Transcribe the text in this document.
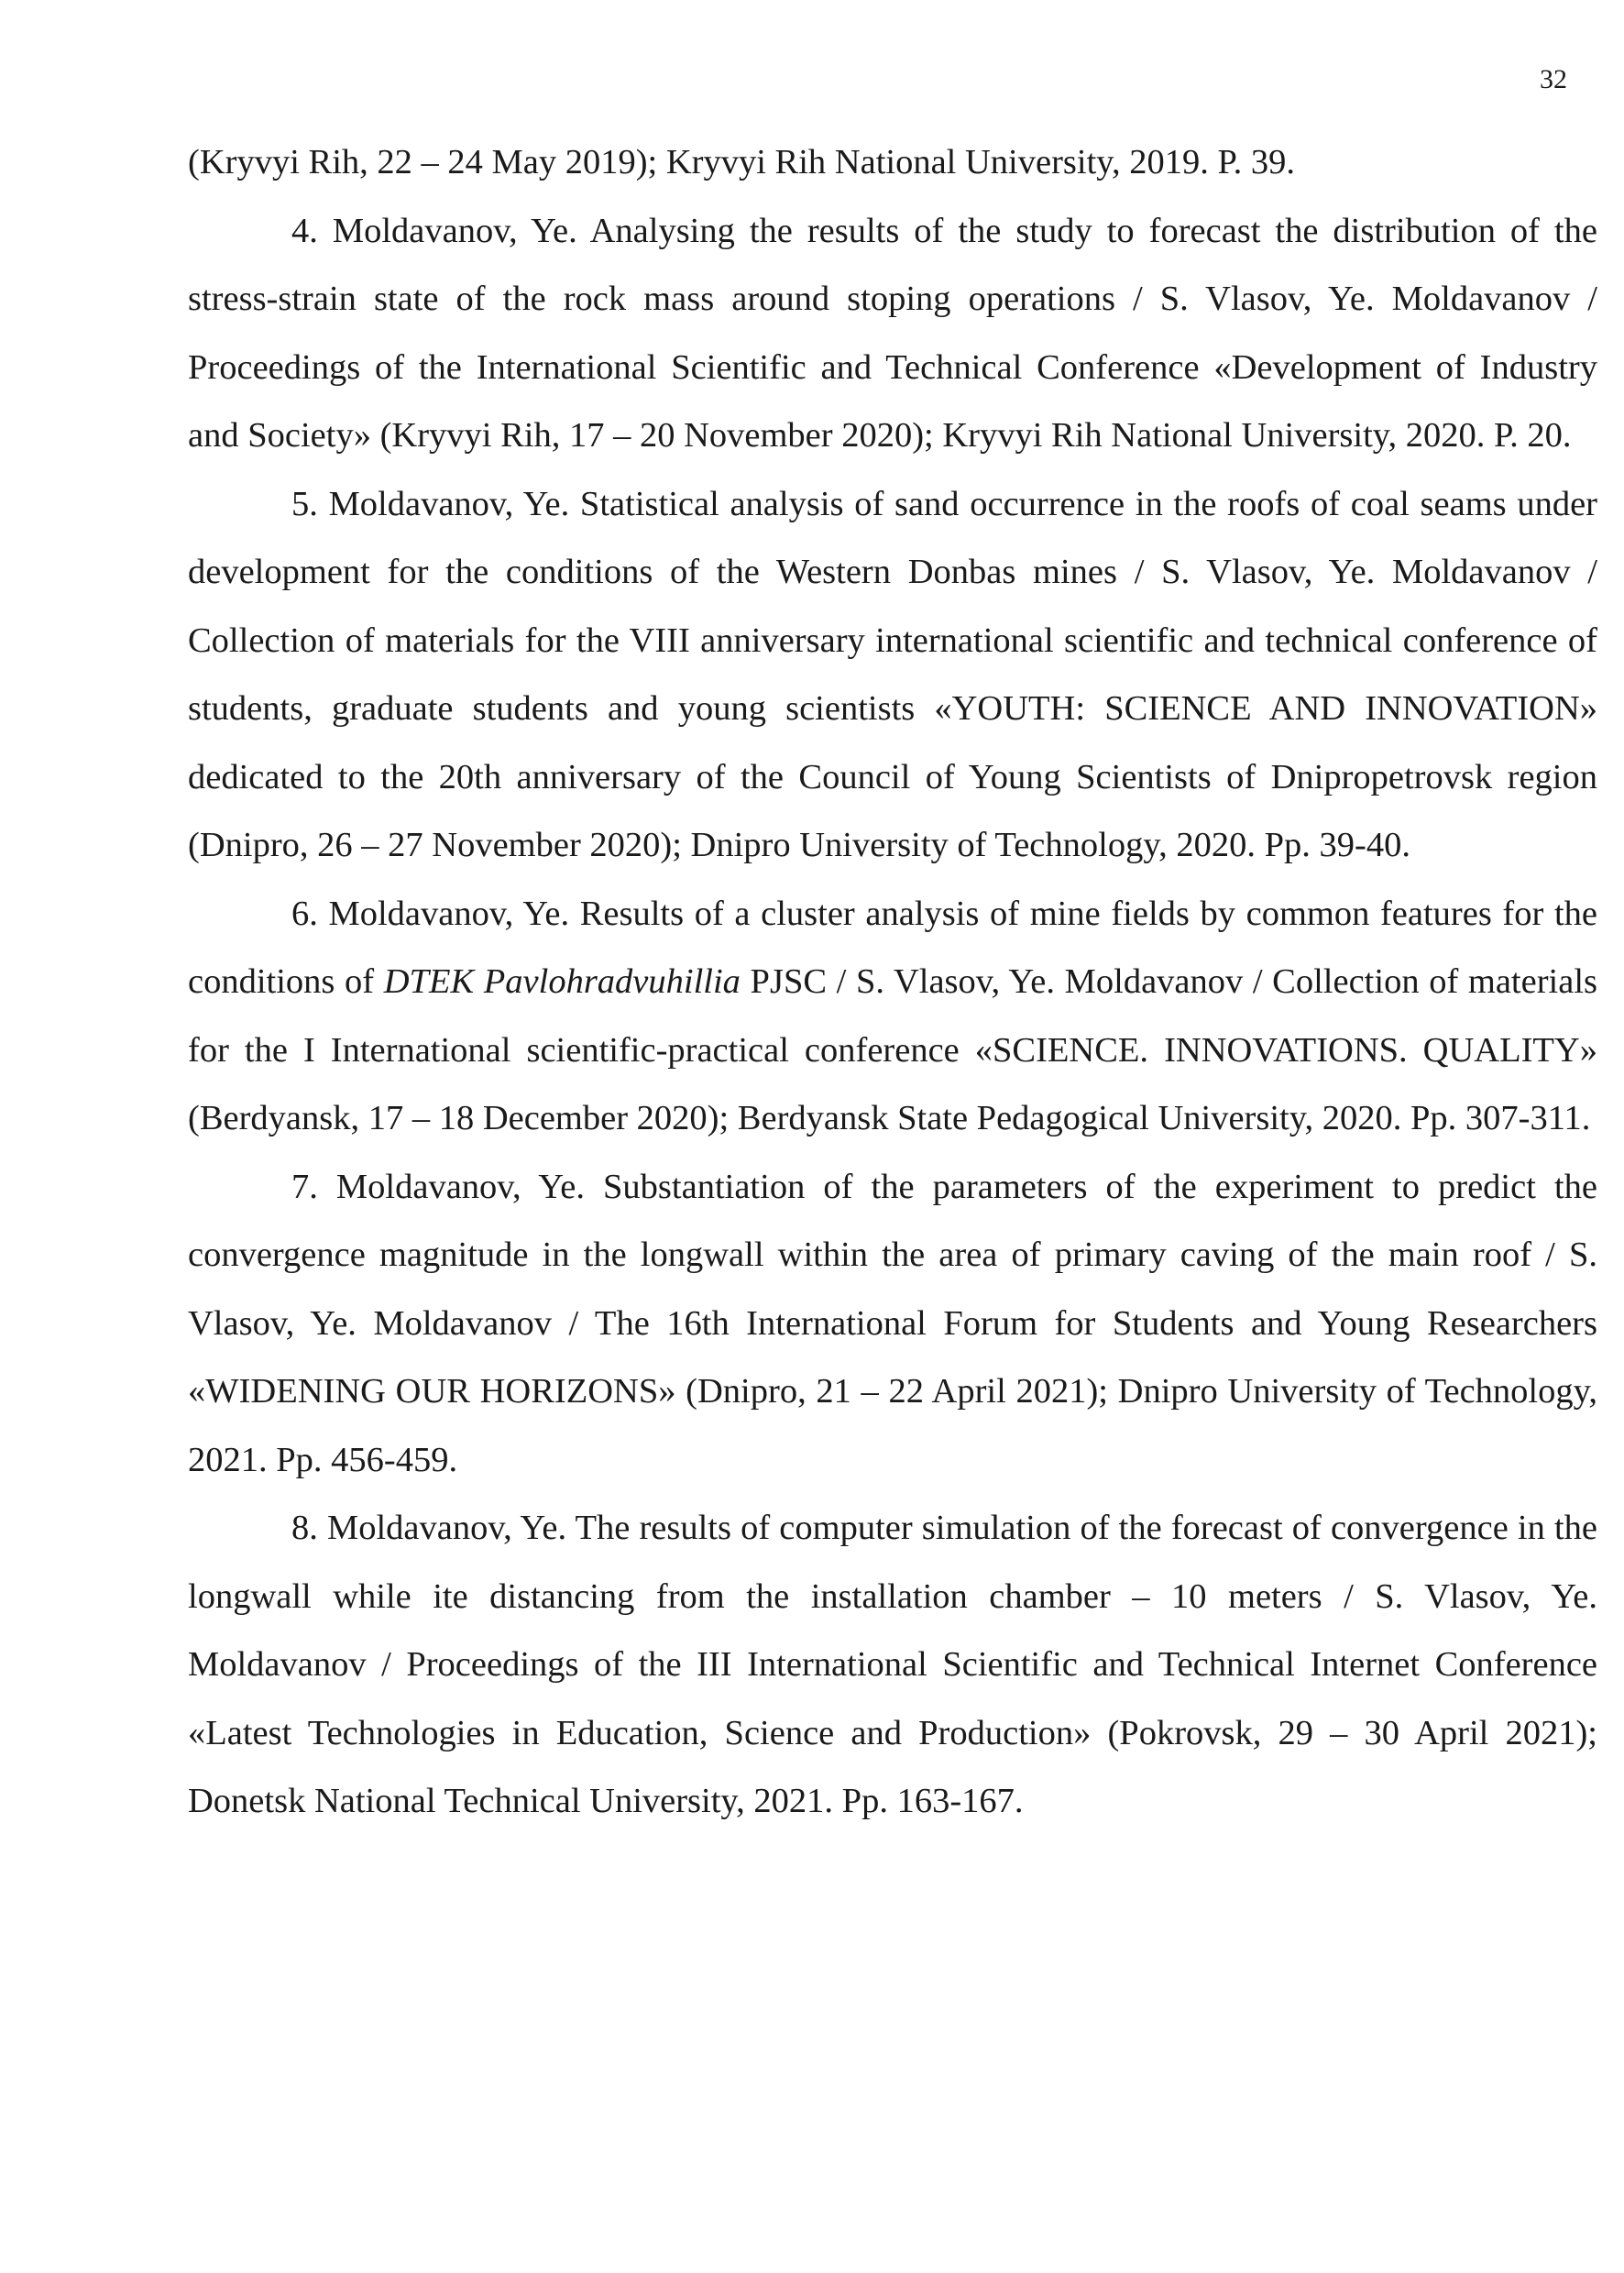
32

(Kryvyi Rih, 22 – 24 May 2019); Kryvyi Rih National University, 2019. P. 39.

4. Moldavanov, Ye. Analysing the results of the study to forecast the distribution of the stress-strain state of the rock mass around stoping operations / S. Vlasov, Ye. Moldavanov / Proceedings of the International Scientific and Technical Conference «Development of Industry and Society» (Kryvyi Rih, 17 – 20 November 2020); Kryvyi Rih National University, 2020. P. 20.

5. Moldavanov, Ye. Statistical analysis of sand occurrence in the roofs of coal seams under development for the conditions of the Western Donbas mines / S. Vlasov, Ye. Moldavanov / Collection of materials for the VIII anniversary international scientific and technical conference of students, graduate students and young scientists «YOUTH: SCIENCE AND INNOVATION» dedicated to the 20th anniversary of the Council of Young Scientists of Dnipropetrovsk region (Dnipro, 26 – 27 November 2020); Dnipro University of Technology, 2020. Pp. 39-40.

6. Moldavanov, Ye. Results of a cluster analysis of mine fields by common features for the conditions of DTEK Pavlohradvuhillia PJSC / S. Vlasov, Ye. Moldavanov / Collection of materials for the I International scientific-practical conference «SCIENCE. INNOVATIONS. QUALITY» (Berdyansk, 17 – 18 December 2020); Berdyansk State Pedagogical University, 2020. Pp. 307-311.

7. Moldavanov, Ye. Substantiation of the parameters of the experiment to predict the convergence magnitude in the longwall within the area of primary caving of the main roof / S. Vlasov, Ye. Moldavanov / The 16th International Forum for Students and Young Researchers «WIDENING OUR HORIZONS» (Dnipro, 21 – 22 April 2021); Dnipro University of Technology, 2021. Pp. 456-459.

8. Moldavanov, Ye. The results of computer simulation of the forecast of convergence in the longwall while ite distancing from the installation chamber – 10 meters / S. Vlasov, Ye. Moldavanov / Proceedings of the III International Scientific and Technical Internet Conference «Latest Technologies in Education, Science and Production» (Pokrovsk, 29 – 30 April 2021); Donetsk National Technical University, 2021. Pp. 163-167.
